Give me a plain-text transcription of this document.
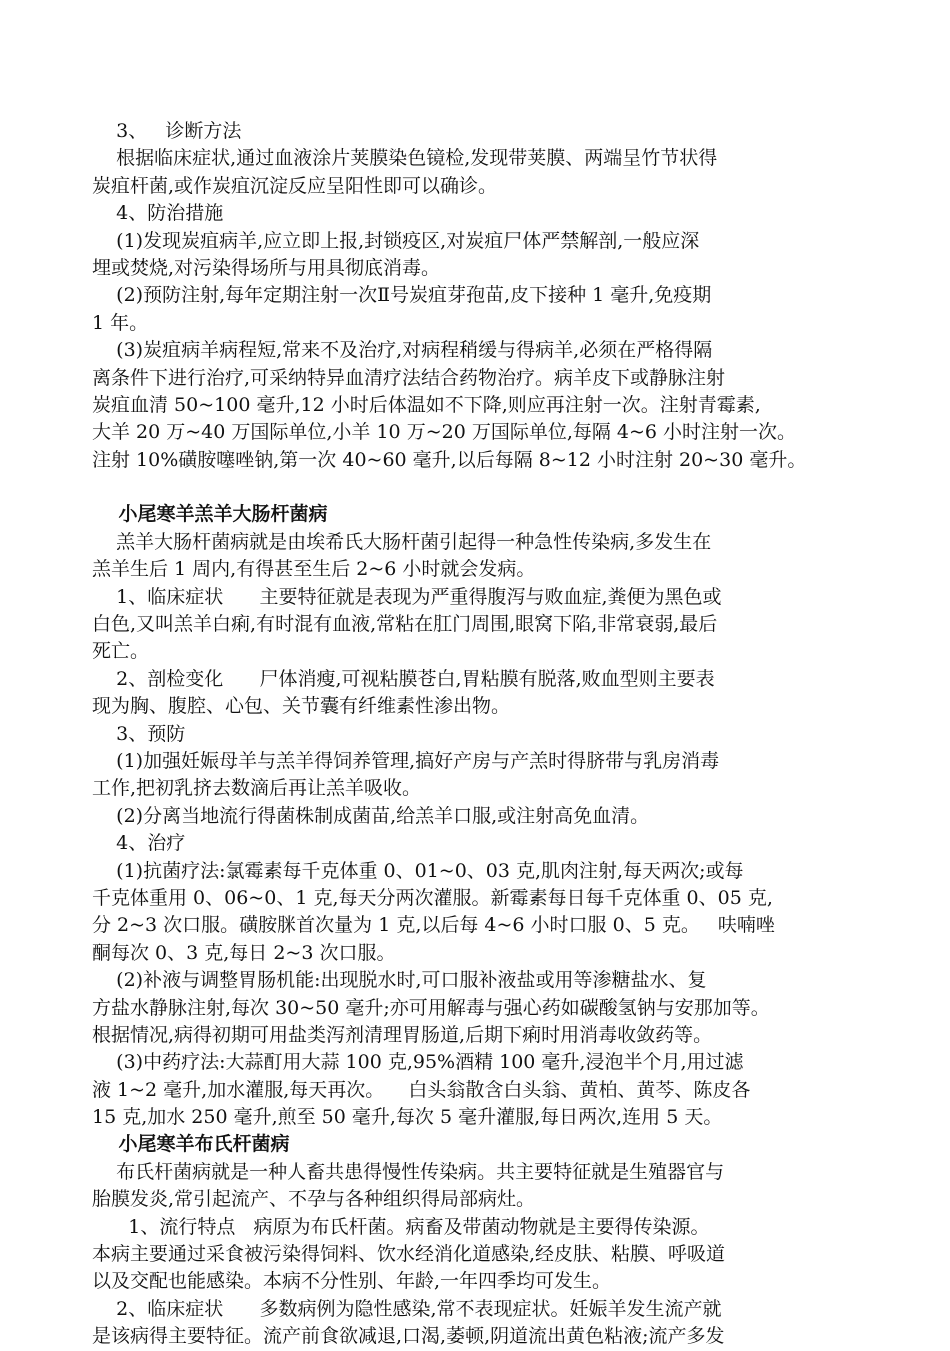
3、   诊断方法
根据临床症状,通过血液涂片荚膜染色镜检,发现带荚膜、两端呈竹节状得
炭疽杆菌,或作炭疽沉淀反应呈阳性即可以确诊。
4、防治措施
(1)发现炭疽病羊,应立即上报,封锁疫区,对炭疽尸体严禁解剖,一般应深
埋或焚烧,对污染得场所与用具彻底消毒。
(2)预防注射,每年定期注射一次Ⅱ号炭疽芽孢苗,皮下接种 1 毫升,免疫期
1 年。
(3)炭疽病羊病程短,常来不及治疗,对病程稍缓与得病羊,必须在严格得隔
离条件下进行治疗,可采纳特异血清疗法结合药物治疗。病羊皮下或静脉注射
炭疽血清 50~100 毫升,12 小时后体温如不下降,则应再注射一次。注射青霉素,
大羊 20 万~40 万国际单位,小羊 10 万~20 万国际单位,每隔 4~6 小时注射一次。
注射 10%磺胺噻唑钠,第一次 40~60 毫升,以后每隔 8~12 小时注射 20~30 毫升。
小尾寒羊羔羊大肠杆菌病
羔羊大肠杆菌病就是由埃希氏大肠杆菌引起得一种急性传染病,多发生在
羔羊生后 1 周内,有得甚至生后 2~6 小时就会发病。
1、临床症状      主要特征就是表现为严重得腹泻与败血症,粪便为黑色或
白色,又叫羔羊白痢,有时混有血液,常粘在肛门周围,眼窝下陷,非常衰弱,最后
死亡。
2、剖检变化      尸体消瘦,可视粘膜苍白,胃粘膜有脱落,败血型则主要表
现为胸、腹腔、心包、关节囊有纤维素性渗出物。
3、预防
(1)加强妊娠母羊与羔羊得饲养管理,搞好产房与产羔时得脐带与乳房消毒
工作,把初乳挤去数滴后再让羔羊吸收。
(2)分离当地流行得菌株制成菌苗,给羔羊口服,或注射高免血清。
4、治疗
(1)抗菌疗法:氯霉素每千克体重 0、01~0、03 克,肌肉注射,每天两次;或每
千克体重用 0、06~0、1 克,每天分两次灌服。新霉素每日每千克体重 0、05 克,
分 2~3 次口服。磺胺脒首次量为 1 克,以后每 4~6 小时口服 0、5 克。   呋喃唑
酮每次 0、3 克,每日 2~3 次口服。
(2)补液与调整胃肠机能:出现脱水时,可口服补液盐或用等渗糖盐水、复
方盐水静脉注射,每次 30~50 毫升;亦可用解毒与强心药如碳酸氢钠与安那加等。
根据情况,病得初期可用盐类泻剂清理胃肠道,后期下痢时用消毒收敛药等。
(3)中药疗法:大蒜酊用大蒜 100 克,95%酒精 100 毫升,浸泡半个月,用过滤
液 1~2 毫升,加水灌服,每天再次。    白头翁散含白头翁、黄柏、黄芩、陈皮各
15 克,加水 250 毫升,煎至 50 毫升,每次 5 毫升灌服,每日两次,连用 5 天。
小尾寒羊布氏杆菌病
布氏杆菌病就是一种人畜共患得慢性传染病。共主要特征就是生殖器官与
胎膜发炎,常引起流产、不孕与各种组织得局部病灶。
1、流行特点   病原为布氏杆菌。病畜及带菌动物就是主要得传染源。
本病主要通过采食被污染得饲料、饮水经消化道感染,经皮肤、粘膜、呼吸道
以及交配也能感染。本病不分性别、年龄,一年四季均可发生。
2、临床症状      多数病例为隐性感染,常不表现症状。妊娠羊发生流产就
是该病得主要特征。流产前食欲减退,口渴,萎顿,阴道流出黄色粘液;流产多发
